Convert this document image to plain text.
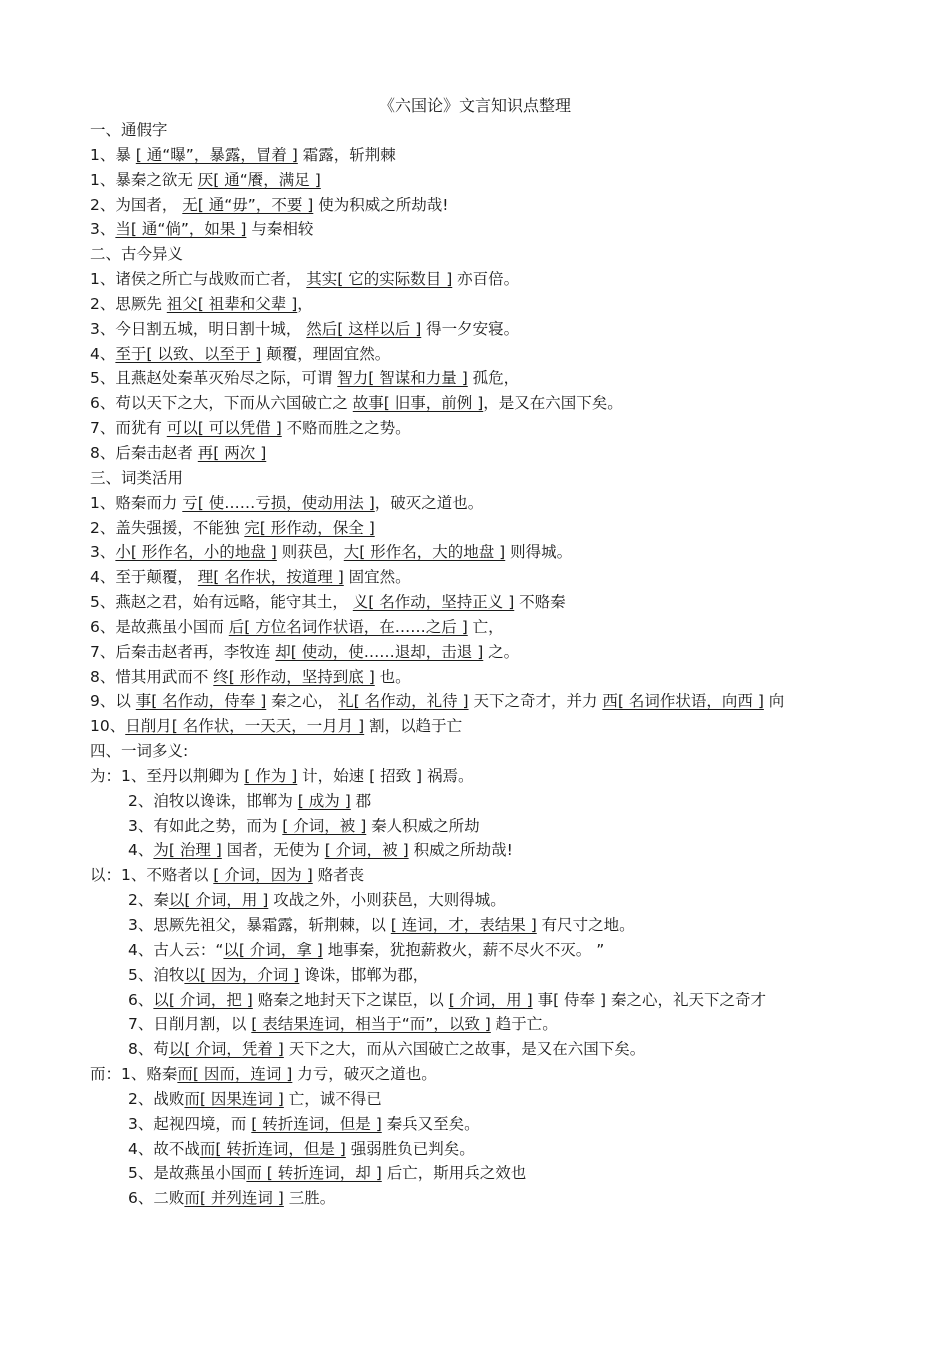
《六国论》文言知识点整理
一、通假字
1、暴 [ 通“曝”，暴露，冒着 ] 霜露，斩荆棘
1、暴秦之欲无 厌[ 通“餍，满足 ]
2、为国者， 无[ 通“毋”，不要 ] 使为积威之所劫哉!
3、当[ 通“倘”，如果 ] 与秦相较
二、古今异义
1、诸侯之所亡与战败而亡者， 其实[ 它的实际数目 ] 亦百倍。
2、思厥先 祖父[ 祖辈和父辈 ]，
3、今日割五城，明日割十城， 然后[ 这样以后 ] 得一夕安寝。
4、至于[ 以致、以至于 ] 颠覆，理固宜然。
5、且燕赵处秦革灭殆尽之际，可谓 智力[ 智谋和力量 ] 孤危，
6、苟以天下之大，下而从六国破亡之 故事[ 旧事，前例 ]，是又在六国下矣。
7、而犹有 可以[ 可以凭借 ] 不赂而胜之之势。
8、后秦击赵者 再[ 两次 ]
三、词类活用
1、赂秦而力 亏[ 使……亏损，使动用法 ]，破灭之道也。
2、盖失强援，不能独 完[ 形作动，保全 ]
3、小[ 形作名，小的地盘 ] 则获邑，大[ 形作名，大的地盘 ] 则得城。
4、至于颠覆， 理[ 名作状，按道理 ] 固宜然。
5、燕赵之君，始有远略，能守其土， 义[ 名作动，坚持正义 ] 不赂秦
6、是故燕虽小国而 后[ 方位名词作状语，在……之后 ] 亡，
7、后秦击赵者再，李牧连 却[ 使动，使……退却，击退 ] 之。
8、惜其用武而不 终[ 形作动，坚持到底 ] 也。
9、以 事[ 名作动，侍奉 ] 秦之心， 礼[ 名作动，礼待 ] 天下之奇才，并力 西[ 名词作状语，向西 ] 向
10、日削月[ 名作状，一天天，一月月 ] 割，以趋于亡
四、一词多义:
为：1、至丹以荆卿为 [ 作为 ] 计，始速 [ 招致 ] 祸焉。
2、洎牧以谗诛，邯郸为 [ 成为 ] 郡
3、有如此之势，而为 [ 介词，被 ] 秦人积威之所劫
4、为[ 治理 ] 国者，无使为 [ 介词，被 ] 积威之所劫哉!
以：1、不赂者以 [ 介词，因为 ] 赂者丧
2、秦以[ 介词，用 ] 攻战之外，小则获邑，大则得城。
3、思厥先祖父，暴霜露，斩荆棘，以 [ 连词，才，表结果 ] 有尺寸之地。
4、古人云：“以[ 介词，拿 ] 地事秦，犹抱薪救火，薪不尽火不灭。 ”
5、洎牧以[ 因为，介词 ] 谗诛，邯郸为郡，
6、以[ 介词，把 ] 赂秦之地封天下之谋臣，以 [ 介词，用 ] 事[ 侍奉 ] 秦之心，礼天下之奇才
7、日削月割，以 [ 表结果连词，相当于“而”，以致 ] 趋于亡。
8、苟以[ 介词，凭着 ] 天下之大，而从六国破亡之故事，是又在六国下矣。
而：1、赂秦而[ 因而，连词 ] 力亏，破灭之道也。
2、战败而[ 因果连词 ] 亡，诚不得已
3、起视四境，而 [ 转折连词，但是 ] 秦兵又至矣。
4、故不战而[ 转折连词，但是 ] 强弱胜负已判矣。
5、是故燕虽小国而 [ 转折连词，却 ] 后亡，斯用兵之效也
6、二败而[ 并列连词 ] 三胜。
